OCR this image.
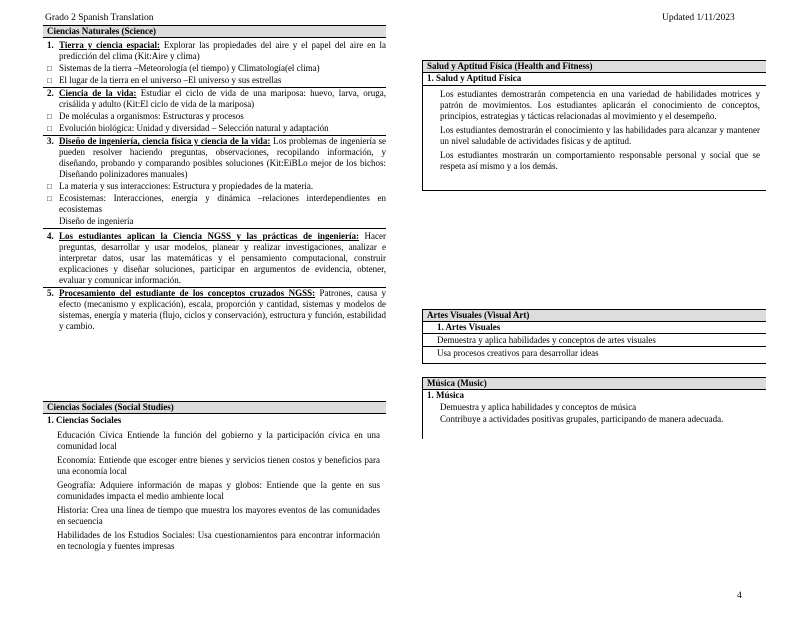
Grado 2 Spanish Translation	Updated 1/11/2023
4
Ciencias Naturales (Science)
1. Tierra y ciencia espacial: Explorar las propiedades del aire y el papel del aire en la predicción del clima (Kit:Aire y clima)
□ Sistemas de la tierra –Meteorología (el tiempo) y Climatología(el clima)
□ El lugar de la tierra en el universo –El universo y sus estrellas
2. Ciencia de la vida: Estudiar el ciclo de vida de una mariposa: huevo, larva, oruga, crisálida y adulto (Kit:El ciclo de vida de la mariposa)
□ De moléculas a organismos: Estructuras y procesos
□ Evolución biológica: Unidad y diversidad – Selección natural y adaptación
3. Diseño de ingeniería, ciencia física y ciencia de la vida: Los problemas de ingeniería se pueden resolver haciendo preguntas, observaciones, recopilando información, y diseñando, probando y comparando posibles soluciones (Kit:EiBLo mejor de los bichos: Diseñando polinizadores manuales)
□ La materia y sus interacciones: Estructura y propiedades de la materia.
□ Ecosistemas: Interacciones, energía y dinámica –relaciones interdependientes en ecosistemas
Diseño de ingeniería
4. Los estudiantes aplican la Ciencia NGSS y las prácticas de ingeniería: Hacer preguntas, desarrollar y usar modelos, planear y realizar investigaciones, analizar e interpretar datos, usar las matemáticas y el pensamiento computacional, construir explicaciones y diseñar soluciones, participar en argumentos de evidencia, obtener, evaluar y comunicar información.
5. Procesamiento del estudiante de los conceptos cruzados NGSS: Patrones, causa y efecto (mecanismo y explicación), escala, proporción y cantidad, sistemas y modelos de sistemas, energía y materia (flujo, ciclos y conservación), estructura y función, estabilidad y cambio.
Ciencias Sociales (Social Studies)
1. Ciencias Sociales
Educación Cívica Entiende la función del gobierno y la participación cívica en una comunidad local
Economía: Entiende que escoger entre bienes y servicios tienen costos y beneficios para una economía local
Geografía: Adquiere información de mapas y globos: Entiende que la gente en sus comunidades impacta el medio ambiente local
Historia: Crea una línea de tiempo que muestra los mayores eventos de las comunidades en secuencia
Habilidades de los Estudios Sociales: Usa cuestionamientos para encontrar información en tecnología y fuentes impresas
Salud y Aptitud Física (Health and Fitness)
1. Salud y Aptitud Física
Los estudiantes demostrarán competencia en una variedad de habilidades motrices y patrón de movimientos. Los estudiantes aplicarán el conocimiento de conceptos, principios, estrategias y tácticas relacionadas al movimiento y el desempeño.
Los estudiantes demostrarán el conocimiento y las habilidades para alcanzar y mantener un nivel saludable de actividades físicas y de aptitud.
Los estudiantes mostrarán un comportamiento responsable personal y social que se respeta así mismo y a los demás.
Artes Visuales (Visual Art)
1. Artes Visuales
Demuestra y aplica habilidades y conceptos de artes visuales
Usa procesos creativos para desarrollar ideas
Música (Music)
1. Música
Demuestra y aplica habilidades y conceptos de música
Contribuye a actividades positivas grupales, participando de manera adecuada.
